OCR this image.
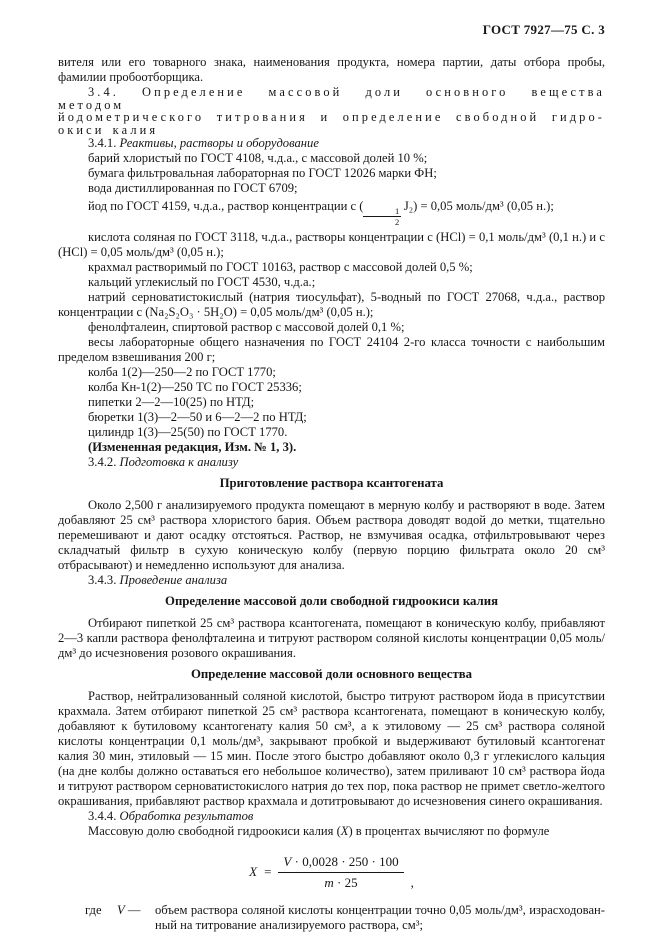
ГОСТ 7927—75 С. 3

вителя или его товарного знака, наименования продукта, номера партии, даты отбора пробы, фамилии пробоотборщика.

3.4. Определение массовой доли основного вещества методом
йодометрического титрования и определение свободной гидро-
окиси калия

3.4.1. Реактивы, растворы и оборудование

барий хлористый по ГОСТ 4108, ч.д.а., с массовой долей 10 %;

бумага фильтровальная лабораторная по ГОСТ 12026 марки ФН;

вода дистиллированная по ГОСТ 6709;

йод по ГОСТ 4159, ч.д.а., раствор концентрации c (
$\frac{1}{2}$
J₂) = 0,05 моль/дм³ (0,05 н.);

кислота соляная по ГОСТ 3118, ч.д.а., растворы концентрации c (HCl) = 0,1 моль/дм³ (0,1 н.) и c (HCl) = 0,05 моль/дм³ (0,05 н.);

крахмал растворимый по ГОСТ 10163, раствор с массовой долей 0,5 %;

кальций углекислый по ГОСТ 4530, ч.д.а.;

натрий серноватистокислый (натрия тиосульфат), 5-водный по ГОСТ 27068, ч.д.а., раствор концентрации c (Na₂S₂O₃ · 5H₂O) = 0,05 моль/дм³ (0,05 н.);

фенолфталеин, спиртовой раствор с массовой долей 0,1 %;

весы лабораторные общего назначения по ГОСТ 24104 2-го класса точности с наибольшим пределом взвешивания 200 г;

колба 1(2)—250—2 по ГОСТ 1770;

колба Кн-1(2)—250 ТС по ГОСТ 25336;

пипетки 2—2—10(25) по НТД;

бюретки 1(3)—2—50 и 6—2—2 по НТД;

цилиндр 1(3)—25(50) по ГОСТ 1770.

(Измененная редакция, Изм. № 1, 3).

3.4.2. Подготовка к анализу

Приготовление раствора ксантогената

Около 2,500 г анализируемого продукта помещают в мерную колбу и растворяют в воде. Затем добавляют 25 см³ раствора хлористого бария. Объем раствора доводят водой до метки, тщательно перемешивают и дают осадку отстояться. Раствор, не взмучивая осадка, отфильтровывают через складчатый фильтр в сухую коническую колбу (первую порцию фильтрата около 20 см³ отбрасывают) и немедленно используют для анализа.

3.4.3. Проведение анализа

Определение массовой доли свободной гидроокиси калия

Отбирают пипеткой 25 см³ раствора ксантогената, помещают в коническую колбу, прибавляют 2—3 капли раствора фенолфталеина и титруют раствором соляной кислоты концентрации 0,05 моль/дм³ до исчезновения розового окрашивания.

Определение массовой доли основного вещества

Раствор, нейтрализованный соляной кислотой, быстро титруют раствором йода в присутствии крахмала. Затем отбирают пипеткой 25 см³ раствора ксантогената, помещают в коническую колбу, добавляют к бутиловому ксантогенату калия 50 см³, а к этиловому — 25 см³ раствора соляной кислоты концентрации 0,1 моль/дм³, закрывают пробкой и выдерживают бутиловый ксантогенат калия 30 мин, этиловый — 15 мин. После этого быстро добавляют около 0,3 г углекислого кальция (на дне колбы должно оставаться его небольшое количество), затем приливают 10 см³ раствора йода и титруют раствором серноватистокислого натрия до тех пор, пока раствор не примет светло-желтого окрашивания, прибавляют раствор крахмала и дотитровывают до исчезновения синего окрашивания.

3.4.4. Обработка результатов

Массовую долю свободной гидроокиси калия (X) в процентах вычисляют по формуле

$X = \frac{V \cdot 0,0028 \cdot 250 \cdot 100}{m \cdot 25}$ ,
где	V —	объем раствора соляной кислоты концентрации точно 0,05 моль/дм³, израсходованный на титрование анализируемого раствора, см³;
